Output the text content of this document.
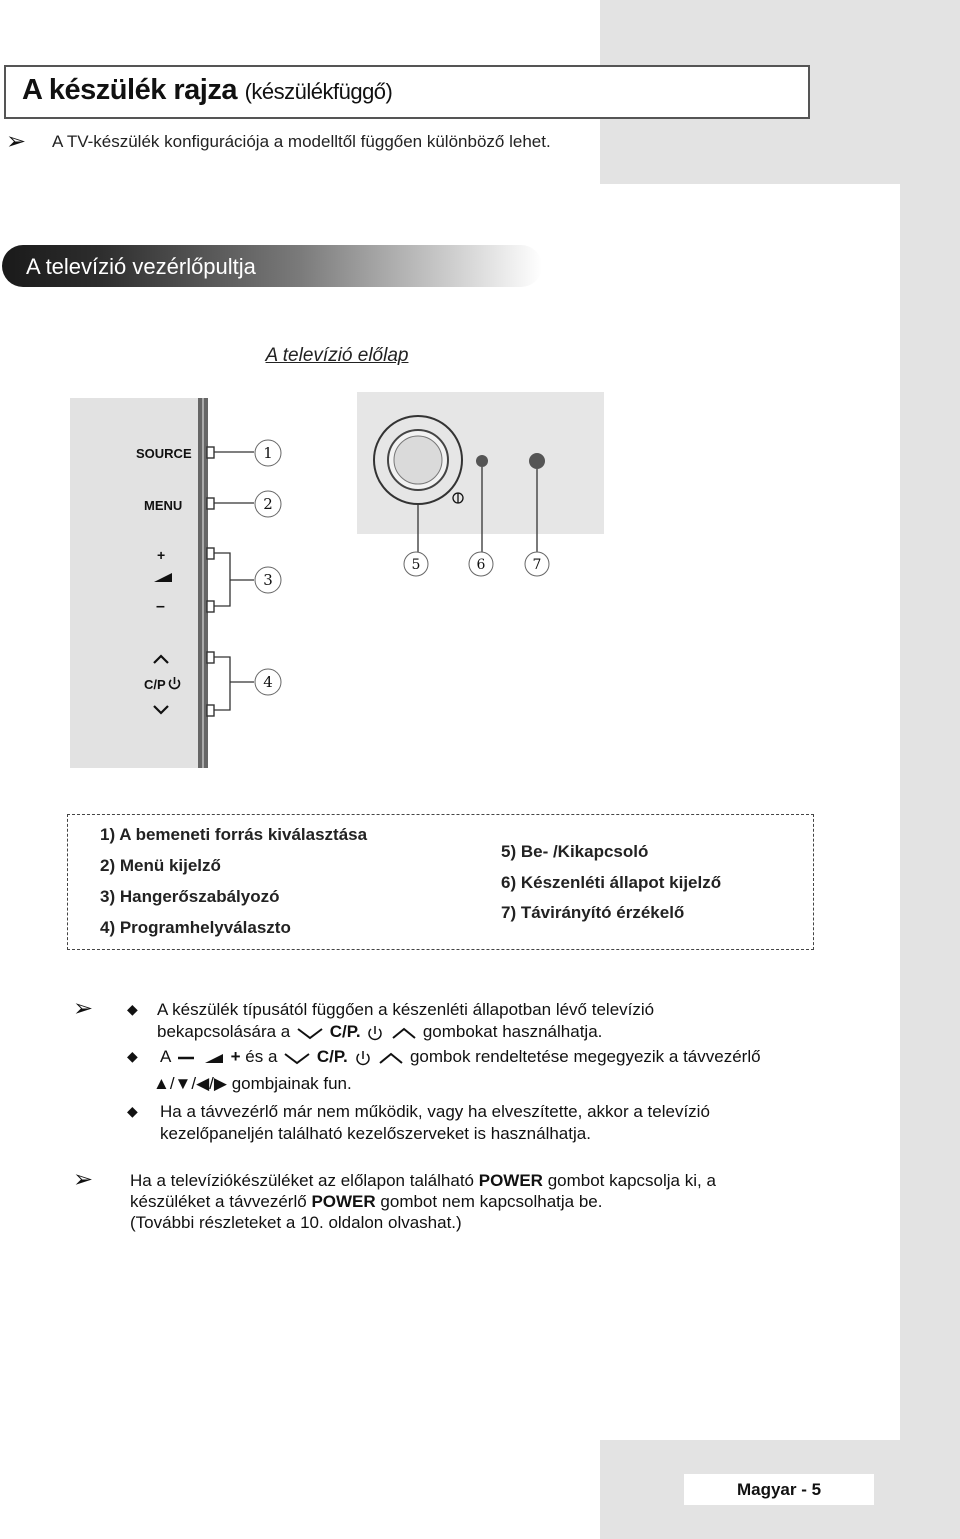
A készülék rajza (készülékfüggő)
➢ A TV-készülék konfigurációja a modelltől függően különböző lehet.
A televízió vezérlőpultja
A televízió előlap
SOURCE
MENU
+
–
C/P
1
2
3
4
5	6	7
1) A bemeneti forrás kiválasztása
2) Menü kijelző
3) Hangerőszabályozó
4) Programhelyválaszto
5) Be- /Kikapcsoló
6) Készenléti állapot kijelző
7) Távirányító érzékelő
➢ ◆ A készülék típusától függően a készenléti állapotban lévő televízió
bekapcsolására a C/P.	gombokat használhatja.
◆ A	+ és a C/P.	gombok rendeltetése megegyezik a távvezérlő
▲/▼/◀/▶ gombjainak fun.
◆ Ha a távvezérlő már nem működik, vagy ha elveszítette, akkor a televízió
kezelőpaneljén található kezelőszerveket is használhatja.
➢ Ha a televíziókészüléket az előlapon található POWER gombot kapcsolja ki, a
készüléket a távvezérlő POWER gombot nem kapcsolhatja be.
(További részleteket a 10. oldalon olvashat.)
Magyar - 5
